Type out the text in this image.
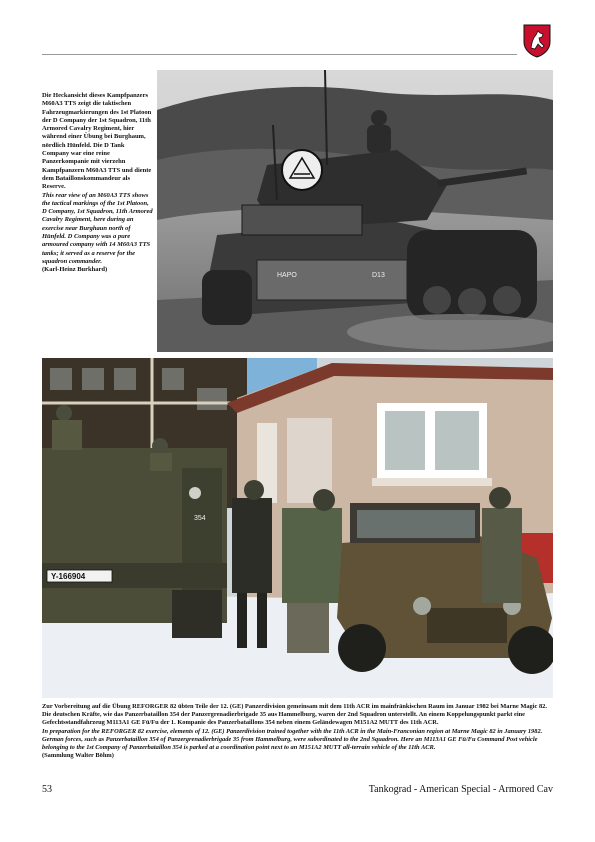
Die Heckansicht dieses Kampfpanzers M60A3 TTS zeigt die taktischen Fahrzeugmarkierungen des 1st Platoon der D Company der 1st Squadron, 11th Armored Cavalry Regiment, hier während einer Übung bei Burghaum, nördlich Hünfeld. Die D Tank Company war eine reine Panzerkompanie mit vierzehn Kampfpanzern M60A3 TTS und diente dem Bataillonskommandeur als Reserve.
This rear view of an M60A3 TTS shows the tactical markings of the 1st Platoon, D Company, 1st Squadron, 11th Armored Cavalry Regiment, here during an exercise near Burghaun north of Hünfeld. D Company was a pure armoured company with 14 M60A3 TTS tanks; it served as a reserve for the squadron commander.
(Karl-Heinz Burkhard)
HAPO	D13
Y-166904
354
Zur Vorbereitung auf die Übung REFORGER 82 übten Teile der 12. (GE) Panzerdivision gemeinsam mit dem 11th ACR im mainfränkischen Raum im Januar 1982 bei Marne Magic 82. Die deutschen Kräfte, wie das Panzerbataillon 354 der Panzergrenadierbrigade 35 aus Hammelburg, waren der 2nd Squadron unterstellt. An einem Koppelungspunkt parkt eine Gefechtsstandfahrzeug M113A1 GE Fü/Fu der 1. Kompanie des Panzerbataillons 354 neben einem Geländewagen M151A2 MUTT des 11th ACR.
In preparation for the REFORGER 82 exercise, elements of 12. (GE) Panzerdivision trained together with the 11th ACR in the Main-Franconian region at Marne Magic 82 in January 1982. German forces, such as Panzerbataillon 354 of Panzergrenadierbrigade 35 from Hammelburg, were subordinated to the 2nd Squadron. Here an M113A1 GE Fü/Fu Command Post vehicle belonging to the 1st Company of Panzerbataillon 354 is parked at a coordination point next to an M151A2 MUTT all-terrain vehicle of the 11th ACR.
(Sammlung Walter Böhm)
53	Tankograd - American Special - Armored Cav
